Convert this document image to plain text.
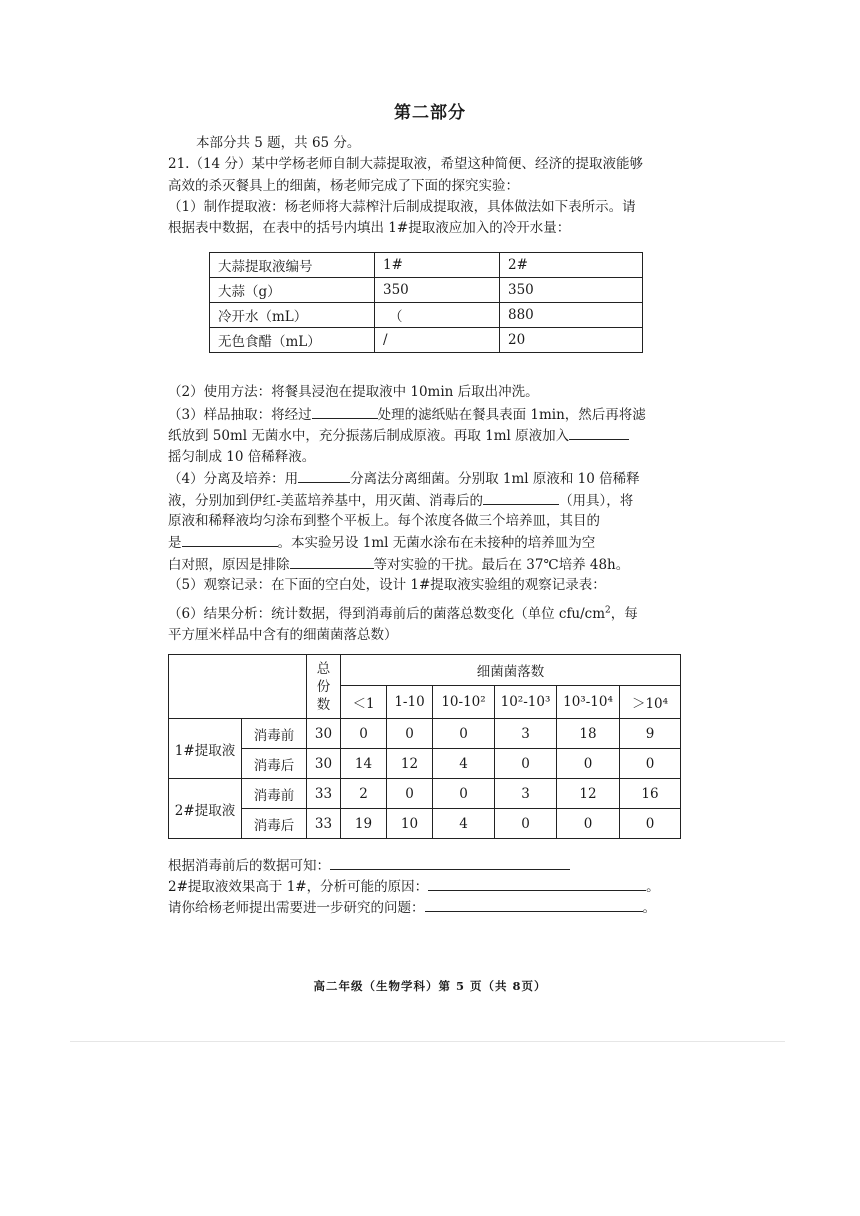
第二部分
本部分共 5 题，共 65 分。
21.（14 分）某中学杨老师自制大蒜提取液，希望这种简便、经济的提取液能够
高效的杀灭餐具上的细菌，杨老师完成了下面的探究实验：
（1）制作提取液：杨老师将大蒜榨汁后制成提取液，具体做法如下表所示。请
根据表中数据，在表中的括号内填出 1#提取液应加入的冷开水量：
大蒜提取液编号	1#	2#
大蒜（g）	350	350
冷开水（mL）	（	880
无色食醋（mL）	/	20
（2）使用方法：将餐具浸泡在提取液中 10min 后取出冲洗。
（3）样品抽取：将经过	处理的滤纸贴在餐具表面 1min，然后再将滤
纸放到 50ml 无菌水中，充分振荡后制成原液。再取 1ml 原液加入
摇匀制成 10 倍稀释液。
（4）分离及培养：用	分离法分离细菌。分别取 1ml 原液和 10 倍稀释
液，分别加到伊红-美蓝培养基中，用灭菌、消毒后的	（用具），将
原液和稀释液均匀涂布到整个平板上。每个浓度各做三个培养皿，其目的
是	。本实验另设 1ml 无菌水涂布在未接种的培养皿为空
白对照，原因是排除	等对实验的干扰。最后在 37℃培养 48h。
（5）观察记录：在下面的空白处，设计 1#提取液实验组的观察记录表：
（6）结果分析：统计数据，得到消毒前后的菌落总数变化（单位 cfu/$cm^2$，每
平方厘米样品中含有的细菌菌落总数）
		总
份
数	细菌菌落数					
			＜1	1-10	10-10²	10²-10³	10³-10⁴	＞10⁴
1#提取液	消毒前	30	0	0	0	3	18	9
	消毒后	30	14	12	4	0	0	0
2#提取液	消毒前	33	2	0	0	3	12	16
	消毒后	33	19	10	4	0	0	0
根据消毒前后的数据可知：
2#提取液效果高于 1#，分析可能的原因：	。
请你给杨老师提出需要进一步研究的问题：	。
高二年级（生物学科）第 5 页（共 8页）
